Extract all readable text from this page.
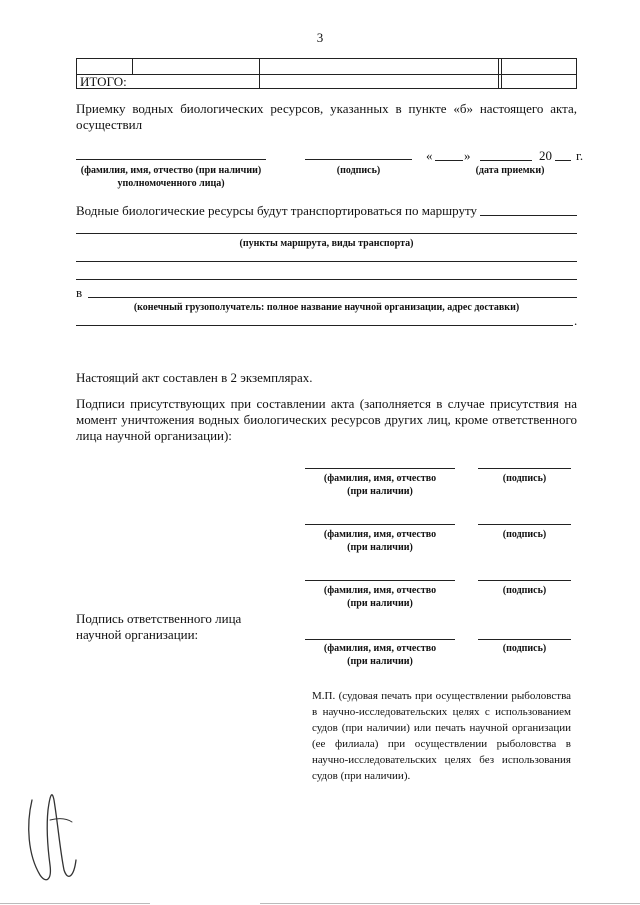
3
ИТОГО:
Приемку водных биологических ресурсов, указанных в пункте «б» настоящего акта, осуществил
(фамилия, имя, отчество (при наличии)
уполномоченного лица)
(подпись)
« »	20 г.
(дата приемки)
Водные биологические ресурсы будут транспортироваться по маршруту
(пункты маршрута, виды транспорта)
в
(конечный грузополучатель: полное название научной организации, адрес доставки)
.
Настоящий акт составлен в 2 экземплярах.
Подписи присутствующих при составлении акта (заполняется в случае присутствия на момент уничтожения водных биологических ресурсов других лиц, кроме ответственного лица научной организации):
(фамилия, имя, отчество
(при наличии)
(подпись)
(фамилия, имя, отчество
(при наличии)
(подпись)
(фамилия, имя, отчество
(при наличии)
(подпись)
Подпись ответственного лица
научной организации:
(фамилия, имя, отчество
(при наличии)
(подпись)
М.П. (судовая печать при осуществлении рыболовства в научно-исследовательских целях с использованием судов (при наличии) или печать научной организации (ее филиала) при осуществлении рыболовства в научно-исследовательских целях без использования судов (при наличии).
